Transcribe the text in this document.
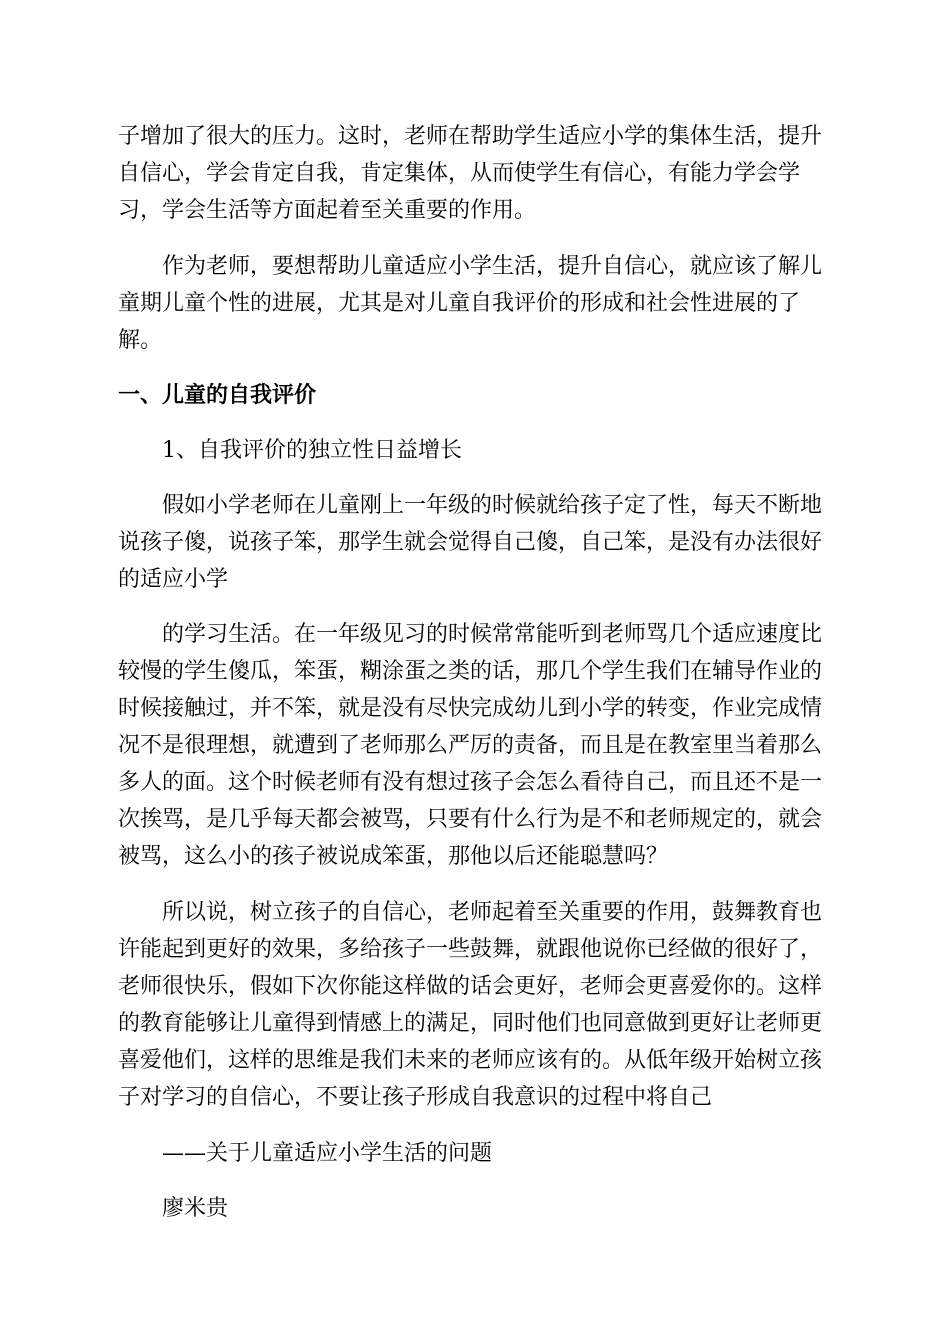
子增加了很大的压力。这时，老师在帮助学生适应小学的集体生活，提升
自信心，学会肯定自我，肯定集体，从而使学生有信心，有能力学会学
习，学会生活等方面起着至关重要的作用。
作为老师，要想帮助儿童适应小学生活，提升自信心，就应该了解儿
童期儿童个性的进展，尤其是对儿童自我评价的形成和社会性进展的了
解。
一、儿童的自我评价
1、自我评价的独立性日益增长
假如小学老师在儿童刚上一年级的时候就给孩子定了性，每天不断地
说孩子傻，说孩子笨，那学生就会觉得自己傻，自己笨，是没有办法很好
的适应小学
的学习生活。在一年级见习的时候常常能听到老师骂几个适应速度比
较慢的学生傻瓜，笨蛋，糊涂蛋之类的话，那几个学生我们在辅导作业的
时候接触过，并不笨，就是没有尽快完成幼儿到小学的转变，作业完成情
况不是很理想，就遭到了老师那么严厉的责备，而且是在教室里当着那么
多人的面。这个时候老师有没有想过孩子会怎么看待自己，而且还不是一
次挨骂，是几乎每天都会被骂，只要有什么行为是不和老师规定的，就会
被骂，这么小的孩子被说成笨蛋，那他以后还能聪慧吗？
所以说，树立孩子的自信心，老师起着至关重要的作用，鼓舞教育也
许能起到更好的效果，多给孩子一些鼓舞，就跟他说你已经做的很好了，
老师很快乐，假如下次你能这样做的话会更好，老师会更喜爱你的。这样
的教育能够让儿童得到情感上的满足，同时他们也同意做到更好让老师更
喜爱他们，这样的思维是我们未来的老师应该有的。从低年级开始树立孩
子对学习的自信心，不要让孩子形成自我意识的过程中将自己
——关于儿童适应小学生活的问题
廖米贵
